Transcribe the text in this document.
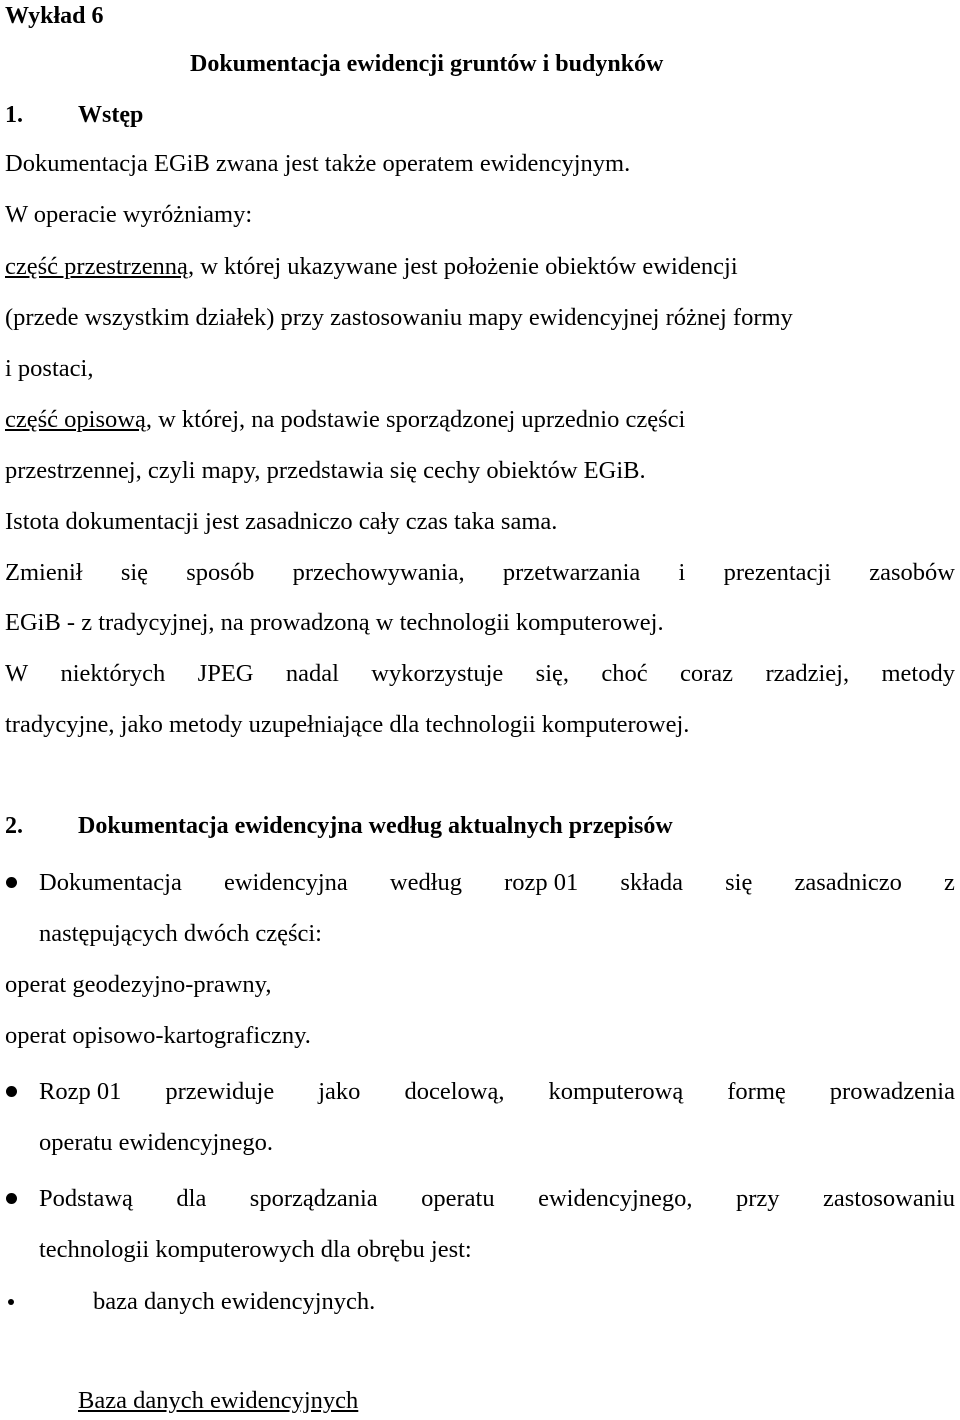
Wykład 6
Dokumentacja ewidencji gruntów i budynków
1. Wstęp
Dokumentacja EGiB zwana jest także operatem ewidencyjnym.
W operacie wyróżniamy:
część przestrzenną, w której ukazywane jest położenie obiektów ewidencji
(przede wszystkim działek) przy zastosowaniu mapy ewidencyjnej różnej formy
i postaci,
część opisową, w której, na podstawie sporządzonej uprzednio części
przestrzennej, czyli mapy, przedstawia się cechy obiektów EGiB.
Istota dokumentacji jest zasadniczo cały czas taka sama.
Zmienił się sposób przechowywania, przetwarzania i prezentacji zasobów
EGiB - z tradycyjnej, na prowadzoną w technologii komputerowej.
W niektórych JPEG nadal wykorzystuje się, choć coraz rzadziej, metody
tradycyjne, jako metody uzupełniające dla technologii komputerowej.
2. Dokumentacja ewidencyjna według aktualnych przepisów
Dokumentacja ewidencyjna według rozp 01 składa się zasadniczo z
następujących dwóch części:
operat geodezyjno-prawny,
operat opisowo-kartograficzny.
Rozp 01 przewiduje jako docelową, komputerową formę prowadzenia
operatu ewidencyjnego.
Podstawą dla sporządzania operatu ewidencyjnego, przy zastosowaniu
technologii komputerowych dla obrębu jest:
baza danych ewidencyjnych.
Baza danych ewidencyjnych
